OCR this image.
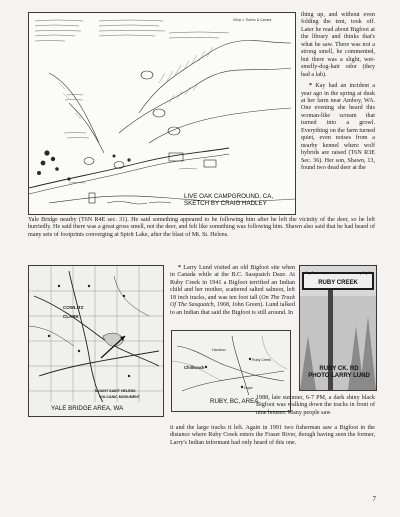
Sling = Tracks & Camps

LIVE OAK CAMPGROUND, CA,
SKETCH BY CRAIG HADLEY

thing up, and without even folding the tent, took off. Later he read about Bigfoot at the library and thinks that's what he saw. There was not a strong smell, he commented, but there was a slight, wet-smelly-dog-hair odor (they had a lab).

* Kay had an incident a year ago in the spring at dusk at her farm near Amboy, WA. One evening she heard this woman-like scream that turned into a growl. Everything on the farm turned quiet, even noises from a nearby kennel where wolf hybrids are raised (T6N R3E Sec. 36). Her son, Shawn, 13, found two dead deer at the

Yale Bridge nearby (T6N R4E sec. 31). He said something appeared to be following him after he left the vicinity of the deer, so he left hurriedly. He said there was a great gross smell, not the deer, and felt like something was following him. Shawn also said that he had heard of many sets of footprints converging at Spirit Lake, after the blast of Mt. St. Helens.

COWLITZ
CLARK
MOUNT SAINT HELENS
VOLCANIC MONUMENT

YALE BRIDGE AREA, WA

* Larry Lund visited an old Bigfoot site when in Canada while at the B.C. Sasquatch Daze. At Ruby Creek in 1941 a Bigfoot terrified an Indian child and her mother, scattered salted salmon, left 18 inch tracks, and was ten foot tall (On The Track Of The Sasquatch, 1968, John Green). Lund talked to an Indian that said the Bigfoot is still around. In

Chilliwack
Harrison
Ruby Creek
Hope

RUBY, BC, AREA

RUBY CREEK

RUBY CK. RD
PHOTO LARRY LUND

1988, late summer, 6-7 PM, a dark shiny black Bigfoot was walking down the tracks in front of nine houses. Many people saw

it and the large tracks it left. Again in 1991 two fisherman saw a Bigfoot in the distance where Ruby Creek enters the Fraser River, though having seen the former, Larry's Indian informant had only heard of this one.

7
